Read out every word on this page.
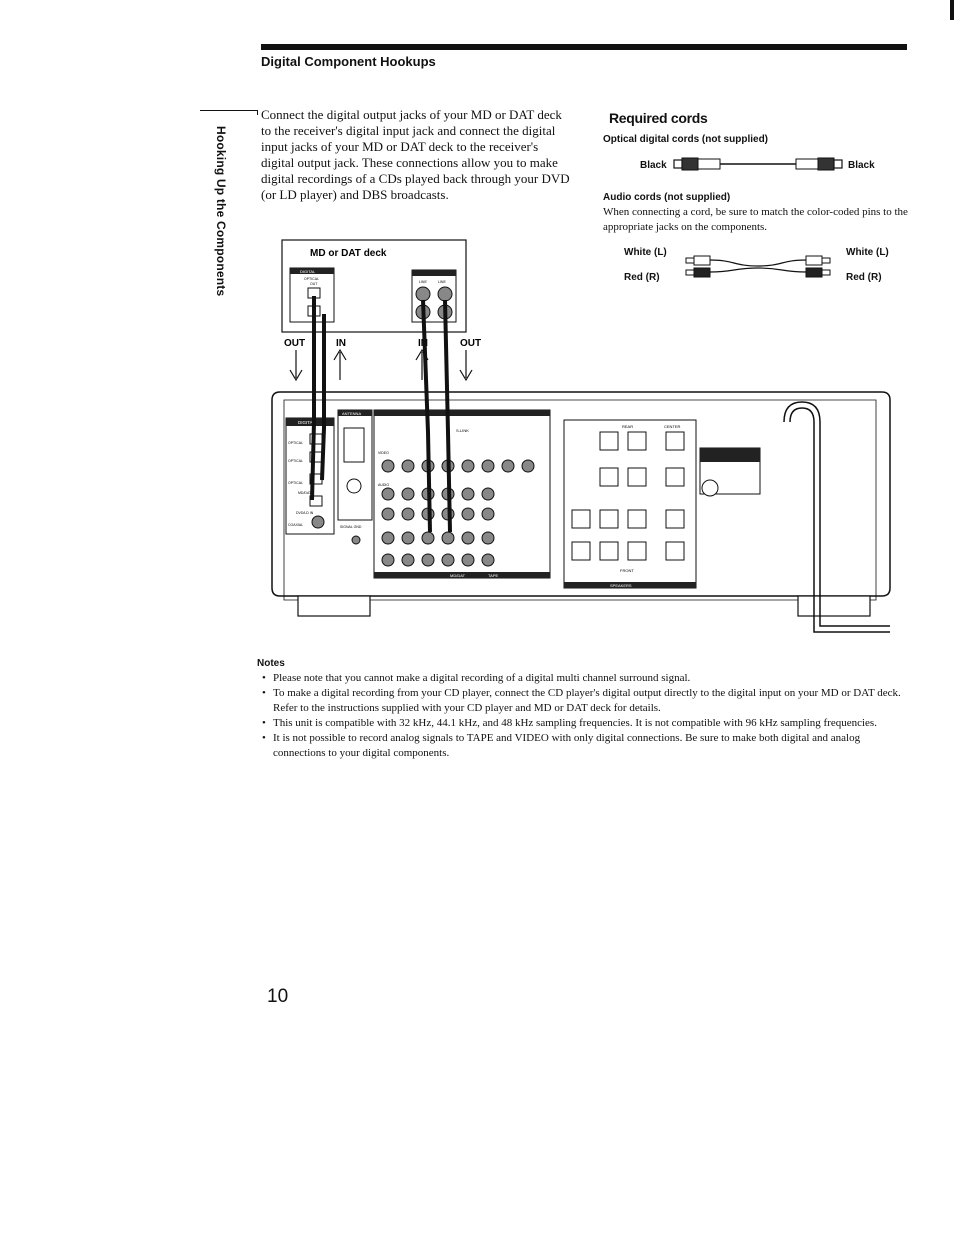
Digital Component Hookups
Hooking Up the Components
Connect the digital output jacks of your MD or DAT deck to the receiver's digital input jack and connect the digital input jacks of your MD or DAT deck to the receiver's digital output jack. These connections allow you to make digital recordings of a CDs played back through your DVD (or LD player) and DBS broadcasts.
Required cords
Optical digital cords (not supplied)
Black	Black
Audio cords (not supplied)
When connecting a cord, be sure to match the color-coded pins to the appropriate jacks on the components.
White (L)
Red (R)
White (L)
Red (R)
MD or DAT deck
DIGITAL
OPTICAL
OUT
IN
LINE	LINE
OUT	IN	IN	OUT
DIGITAL
OPTICAL
OPTICAL
OPTICAL
MD/DAT
DVD/LD IN
COAXIAL
ANTENNA
SIGNAL GND
S-LINK
VIDEO
AUDIO
TAPE
MD/DAT
SPEAKERS
REAR	CENTER
FRONT
Notes
• Please note that you cannot make a digital recording of a digital multi channel surround signal.
• To make a digital recording from your CD player, connect the CD player's digital output directly to the digital input on your MD or DAT deck. Refer to the instructions supplied with your CD player and MD or DAT deck for details.
• This unit is compatible with 32 kHz, 44.1 kHz, and 48 kHz sampling frequencies. It is not compatible with 96 kHz sampling frequencies.
• It is not possible to record analog signals to TAPE and VIDEO with only digital connections. Be sure to make both digital and analog connections to your digital components.
10
